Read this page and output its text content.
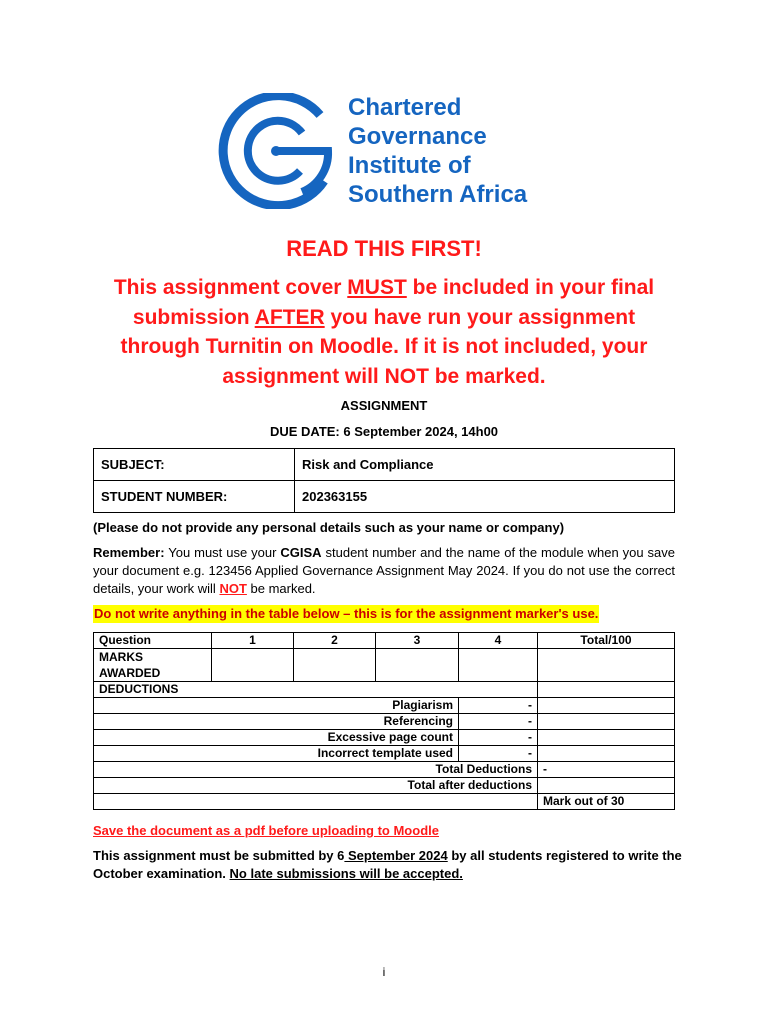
Chartered
Governance
Institute of
Southern Africa
READ THIS FIRST!
This assignment cover MUST be included in your final submission AFTER you have run your assignment through Turnitin on Moodle. If it is not included, your assignment will NOT be marked.
ASSIGNMENT
DUE DATE: 6 September 2024, 14h00
SUBJECT:	Risk and Compliance
STUDENT NUMBER:	202363155
(Please do not provide any personal details such as your name or company)
Remember: You must use your CGISA student number and the name of the module when you save your document e.g. 123456 Applied Governance Assignment May 2024. If you do not use the correct details, your work will NOT be marked.
Do not write anything in the table below – this is for the assignment marker's use.
Question	1	2	3	4	Total/100
MARKS AWARDED					
DEDUCTIONS					
Plagiarism				-	
Referencing				-	
Excessive page count				-	
Incorrect template used				-	
Total Deductions					-
Total after deductions					
					Mark out of 30
Save the document as a pdf before uploading to Moodle
This assignment must be submitted by 6 September 2024 by all students registered to write the October examination. No late submissions will be accepted.
i
